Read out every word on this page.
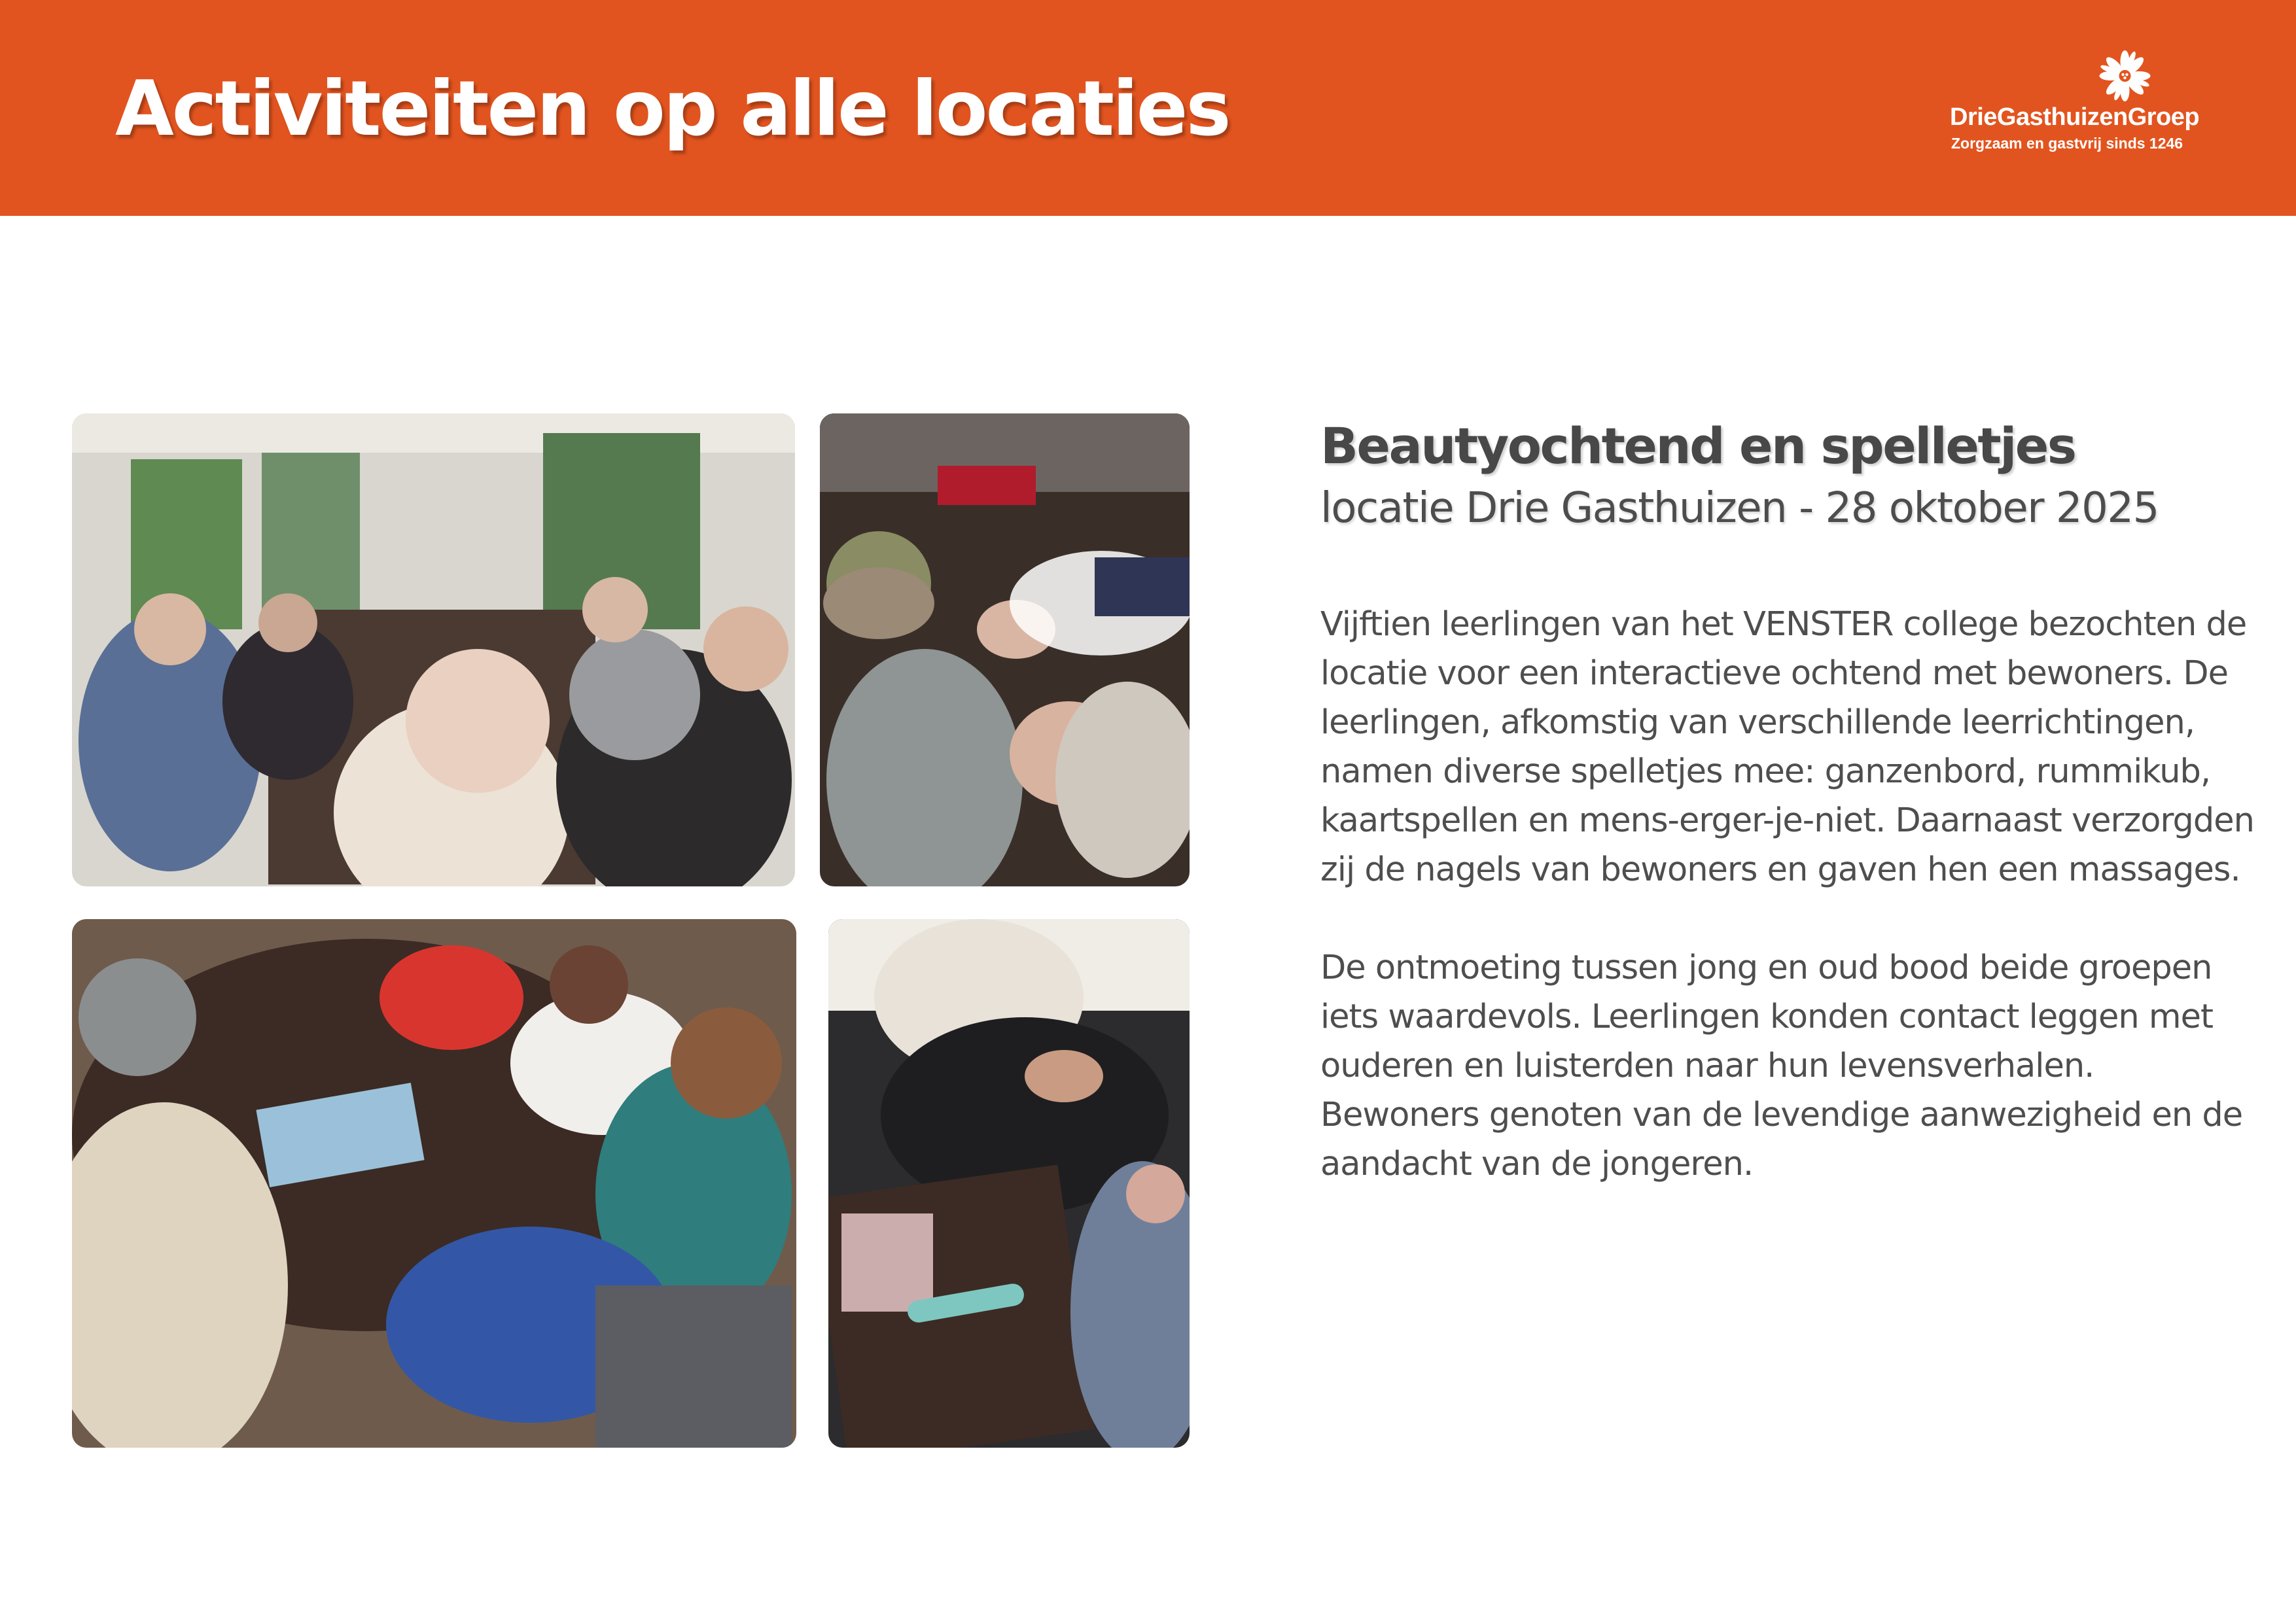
Activiteiten op alle locaties	DrieGasthuizenGroep
Zorgzaam en gastvrij sinds 1246
Beautyochtend en spelletjes
locatie Drie Gasthuizen - 28 oktober 2025

Vijftien leerlingen van het VENSTER college bezochten de locatie voor een interactieve ochtend met bewoners. De leerlingen, afkomstig van verschillende leerrichtingen, namen diverse spelletjes mee: ganzenbord, rummikub, kaartspellen en mens-erger-je-niet. Daarnaast verzorgden zij de nagels van bewoners en gaven hen een massages.

De ontmoeting tussen jong en oud bood beide groepen iets waardevols. Leerlingen konden contact leggen met ouderen en luisterden naar hun levensverhalen. Bewoners genoten van de levendige aanwezigheid en de aandacht van de jongeren.
